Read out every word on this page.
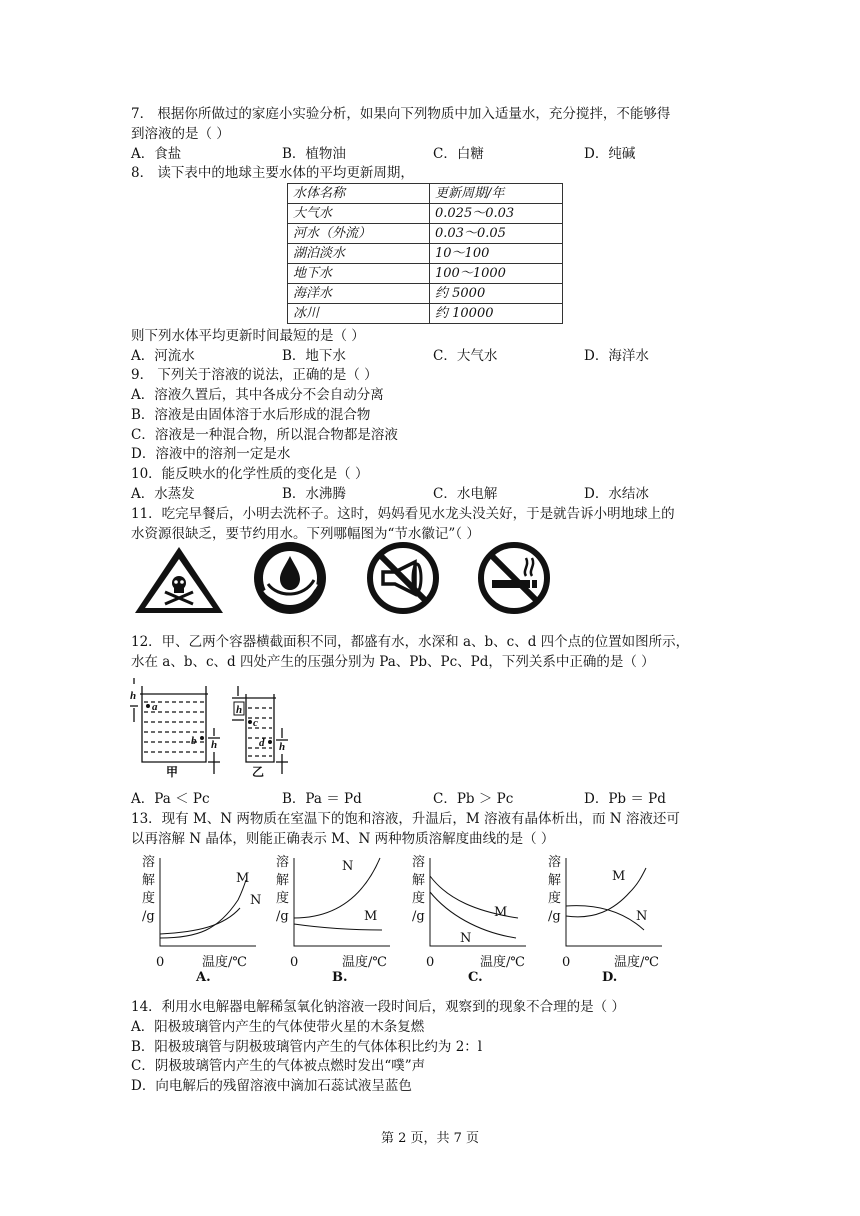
7． 根据你所做过的家庭小实验分析，如果向下列物质中加入适量水，充分搅拌，不能够得
到溶液的是（ ）
A．食盐	B．植物油	C．白糖	D．纯碱
8． 读下表中的地球主要水体的平均更新周期，
水体名称	更新周期/年
大气水	0.025～0.03
河水（外流）	0.03～0.05
湖泊淡水	10～100
地下水	100～1000
海洋水	约 5000
冰川	约 10000
则下列水体平均更新时间最短的是（ ）
A．河流水	B．地下水	C．大气水	D．海洋水
9． 下列关于溶液的说法，正确的是（ ）
A．溶液久置后，其中各成分不会自动分离
B．溶液是由固体溶于水后形成的混合物
C．溶液是一种混合物，所以混合物都是溶液
D．溶液中的溶剂一定是水
10．能反映水的化学性质的变化是（ ）
A．水蒸发	B．水沸腾	C．水电解	D．水结冰
11．吃完早餐后，小明去洗杯子。这时，妈妈看见水龙头没关好，于是就告诉小明地球上的
水资源很缺乏，要节约用水。下列哪幅图为“节水徽记”（ ）
12．甲、乙两个容器横截面积不同，都盛有水，水深和 a、b、c、d 四个点的位置如图所示，
水在 a、b、c、d 四处产生的压强分别为 Pa、Pb、Pc、Pd，下列关系中正确的是（ ）
h
h
h	h
a
b
c
d
甲	乙
A．Pa ＜ Pc	B．Pa ＝ Pd	C．Pb ＞ Pc	D．Pb ＝ Pd
13．现有 M、N 两物质在室温下的饱和溶液，升温后，M 溶液有晶体析出，而 N 溶液还可
以再溶解 N 晶体，则能正确表示 M、N 两种物质溶解度曲线的是（ ）
溶
解
度
/g
0	温度/℃
M
N
A.
溶
解
度
/g
0	温度/℃
N
M
B.
溶
解
度
/g
0	温度/℃
M
N
C.
溶
解
度
/g
0	温度/℃
M
N
D.
14．利用水电解器电解稀氢氧化钠溶液一段时间后，观察到的现象不合理的是（ ）
A．阳极玻璃管内产生的气体使带火星的木条复燃
B．阳极玻璃管与阴极玻璃管内产生的气体体积比约为 2：l
C．阴极玻璃管内产生的气体被点燃时发出“噗”声
D．向电解后的残留溶液中滴加石蕊试液呈蓝色
第 2 页，共 7 页
